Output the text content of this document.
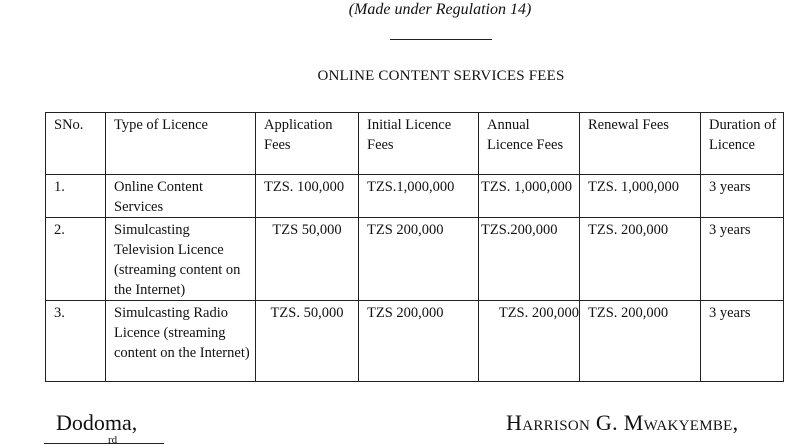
(Made under Regulation 14)
ONLINE CONTENT SERVICES FEES
SNo.	Type of Licence	Application Fees	Initial Licence Fees	Annual Licence Fees	Renewal Fees	Duration of Licence
1.	Online Content Services	TZS. 100,000	TZS.1,000,000	TZS. 1,000,000	TZS. 1,000,000	3 years
2.	Simulcasting Television Licence (streaming content on the Internet)	TZS 50,000	TZS 200,000	TZS.200,000	TZS. 200,000	3 years
3.	Simulcasting Radio Licence (streaming content on the Internet)	TZS. 50,000	TZS 200,000	TZS. 200,000	TZS. 200,000	3 years
Dodoma,	Harrison G. Mwakyembe,
rd
